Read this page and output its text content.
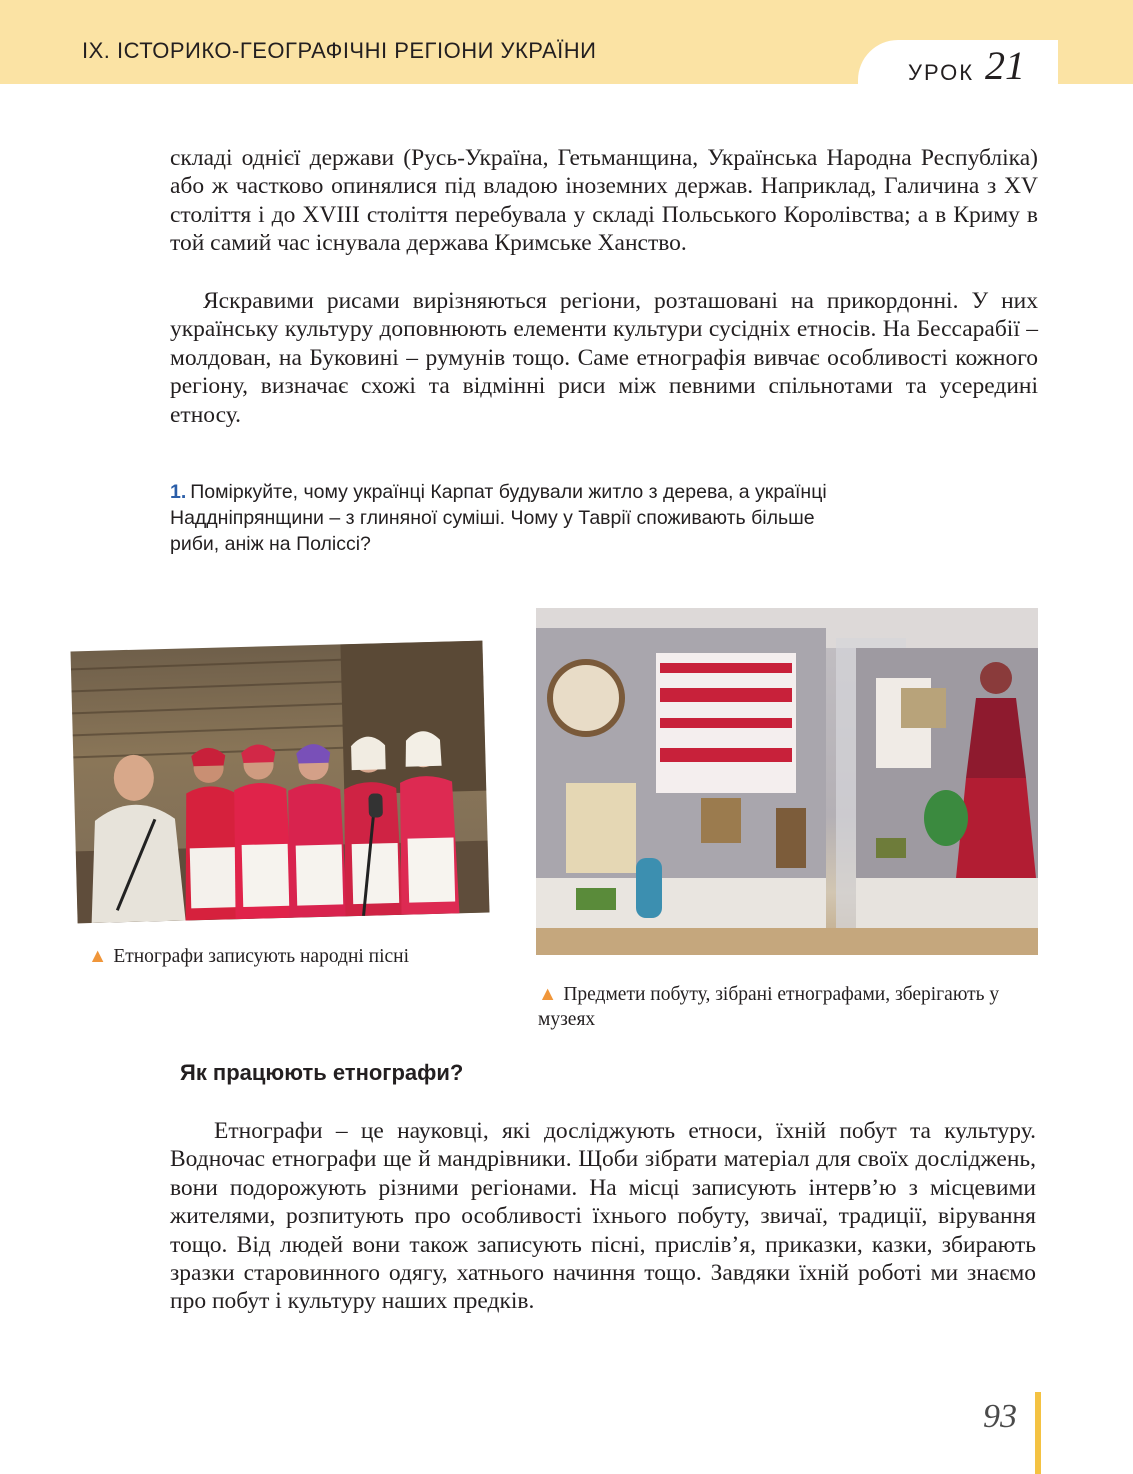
IX. ІСТОРИКО-ГЕОГРАФІЧНІ РЕГІОНИ УКРАЇНИ
УРОК 21

складі однієї держави (Русь-Україна, Гетьманщина, Українська Народна Республіка) або ж частково опинялися під владою іноземних держав. Наприклад, Галичина з XV століття і до XVIII століття перебувала у складі Польського Королівства; а в Криму в той самий час існувала держава Кримське Ханство.

Яскравими рисами вирізняються регіони, розташовані на прикордонні. У них українську культуру доповнюють елементи культури сусідніх етносів. На Бессарабії – молдован, на Буковині – румунів тощо. Саме етнографія вивчає особливості кожного регіону, визначає схожі та відмінні риси між певними спільнотами та усередині етносу.

1. Поміркуйте, чому українці Карпат будували житло з дерева, а українці Наддніпрянщини – з глиняної суміші. Чому у Таврії споживають більше риби, аніж на Поліссі?
▲ Етнографи записують народні пісні
▲ Предмети побуту, зібрані етнографами, зберігають у музеях
Як працюють етнографи?

Етнографи – це науковці, які досліджують етноси, їхній побут та культуру. Водночас етнографи ще й мандрівники. Щоби зібрати матеріал для своїх досліджень, вони подорожують різними регіонами. На місці записують інтерв’ю з місцевими жителями, розпитують про особливості їхнього побуту, звичаї, традиції, вірування тощо. Від людей вони також записують пісні, прислів’я, приказки, казки, збирають зразки старовинного одягу, хатнього начиння тощо. Завдяки їхній роботі ми знаємо про побут і культуру наших предків.

93
